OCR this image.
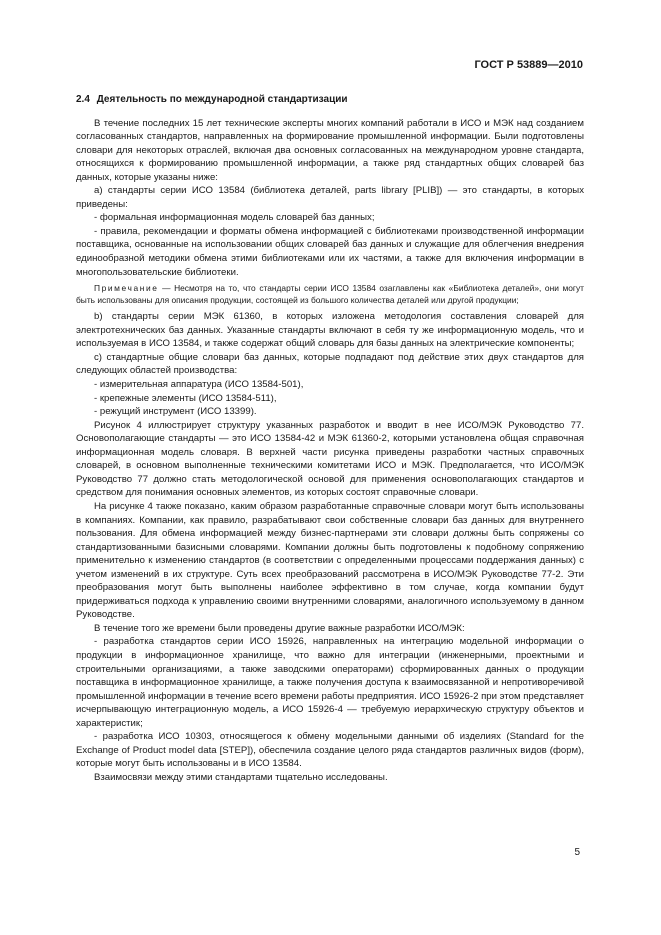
ГОСТ Р 53889—2010
2.4 Деятельность по международной стандартизации

В течение последних 15 лет технические эксперты многих компаний работали в ИСО и МЭК над созданием согласованных стандартов, направленных на формирование промышленной информации. Были подготовлены словари для некоторых отраслей, включая два основных согласованных на международном уровне стандарта, относящихся к формированию промышленной информации, а также ряд стандартных общих словарей баз данных, которые указаны ниже:

а) стандарты серии ИСО 13584 (библиотека деталей, parts library [PLIB]) — это стандарты, в которых приведены:

- формальная информационная модель словарей баз данных;

- правила, рекомендации и форматы обмена информацией с библиотеками производственной информации поставщика, основанные на использовании общих словарей баз данных и служащие для облегчения внедрения единообразной методики обмена этими библиотеками или их частями, а также для включения информации в многопользовательские библиотеки.

Примечание — Несмотря на то, что стандарты серии ИСО 13584 озаглавлены как «Библиотека деталей», они могут быть использованы для описания продукции, состоящей из большого количества деталей или другой продукции;

b) стандарты серии МЭК 61360, в которых изложена методология составления словарей для электротехнических баз данных. Указанные стандарты включают в себя ту же информационную модель, что и используемая в ИСО 13584, и также содержат общий словарь для базы данных на электрические компоненты;

с) стандартные общие словари баз данных, которые подпадают под действие этих двух стандартов для следующих областей производства:

- измерительная аппаратура (ИСО 13584-501),

- крепежные элементы (ИСО 13584-511),

- режущий инструмент (ИСО 13399).

Рисунок 4 иллюстрирует структуру указанных разработок и вводит в нее ИСО/МЭК Руководство 77. Основополагающие стандарты — это ИСО 13584-42 и МЭК 61360-2, которыми установлена общая справочная информационная модель словаря. В верхней части рисунка приведены разработки частных справочных словарей, в основном выполненные техническими комитетами ИСО и МЭК. Предполагается, что ИСО/МЭК Руководство 77 должно стать методологической основой для применения основополагающих стандартов и средством для понимания основных элементов, из которых состоят справочные словари.

На рисунке 4 также показано, каким образом разработанные справочные словари могут быть использованы в компаниях. Компании, как правило, разрабатывают свои собственные словари баз данных для внутреннего пользования. Для обмена информацией между бизнес-партнерами эти словари должны быть сопряжены со стандартизованными базисными словарями. Компании должны быть подготовлены к подобному сопряжению применительно к изменению стандартов (в соответствии с определенными процессами поддержания данных) с учетом изменений в их структуре. Суть всех преобразований рассмотрена в ИСО/МЭК Руководстве 77-2. Эти преобразования могут быть выполнены наиболее эффективно в том случае, когда компании будут придерживаться подхода к управлению своими внутренними словарями, аналогичного используемому в данном Руководстве.

В течение того же времени были проведены другие важные разработки ИСО/МЭК:

- разработка стандартов серии ИСО 15926, направленных на интеграцию модельной информации о продукции в информационное хранилище, что важно для интеграции (инженерными, проектными и строительными организациями, а также заводскими операторами) сформированных данных о продукции поставщика в информационное хранилище, а также получения доступа к взаимосвязанной и непротиворечивой промышленной информации в течение всего времени работы предприятия. ИСО 15926-2 при этом представляет исчерпывающую интеграционную модель, а ИСО 15926-4 — требуемую иерархическую структуру объектов и характеристик;

- разработка ИСО 10303, относящегося к обмену модельными данными об изделиях (Standard for the Exchange of Product model data [STEP]), обеспечила создание целого ряда стандартов различных видов (форм), которые могут быть использованы и в ИСО 13584.

Взаимосвязи между этими стандартами тщательно исследованы.

5
